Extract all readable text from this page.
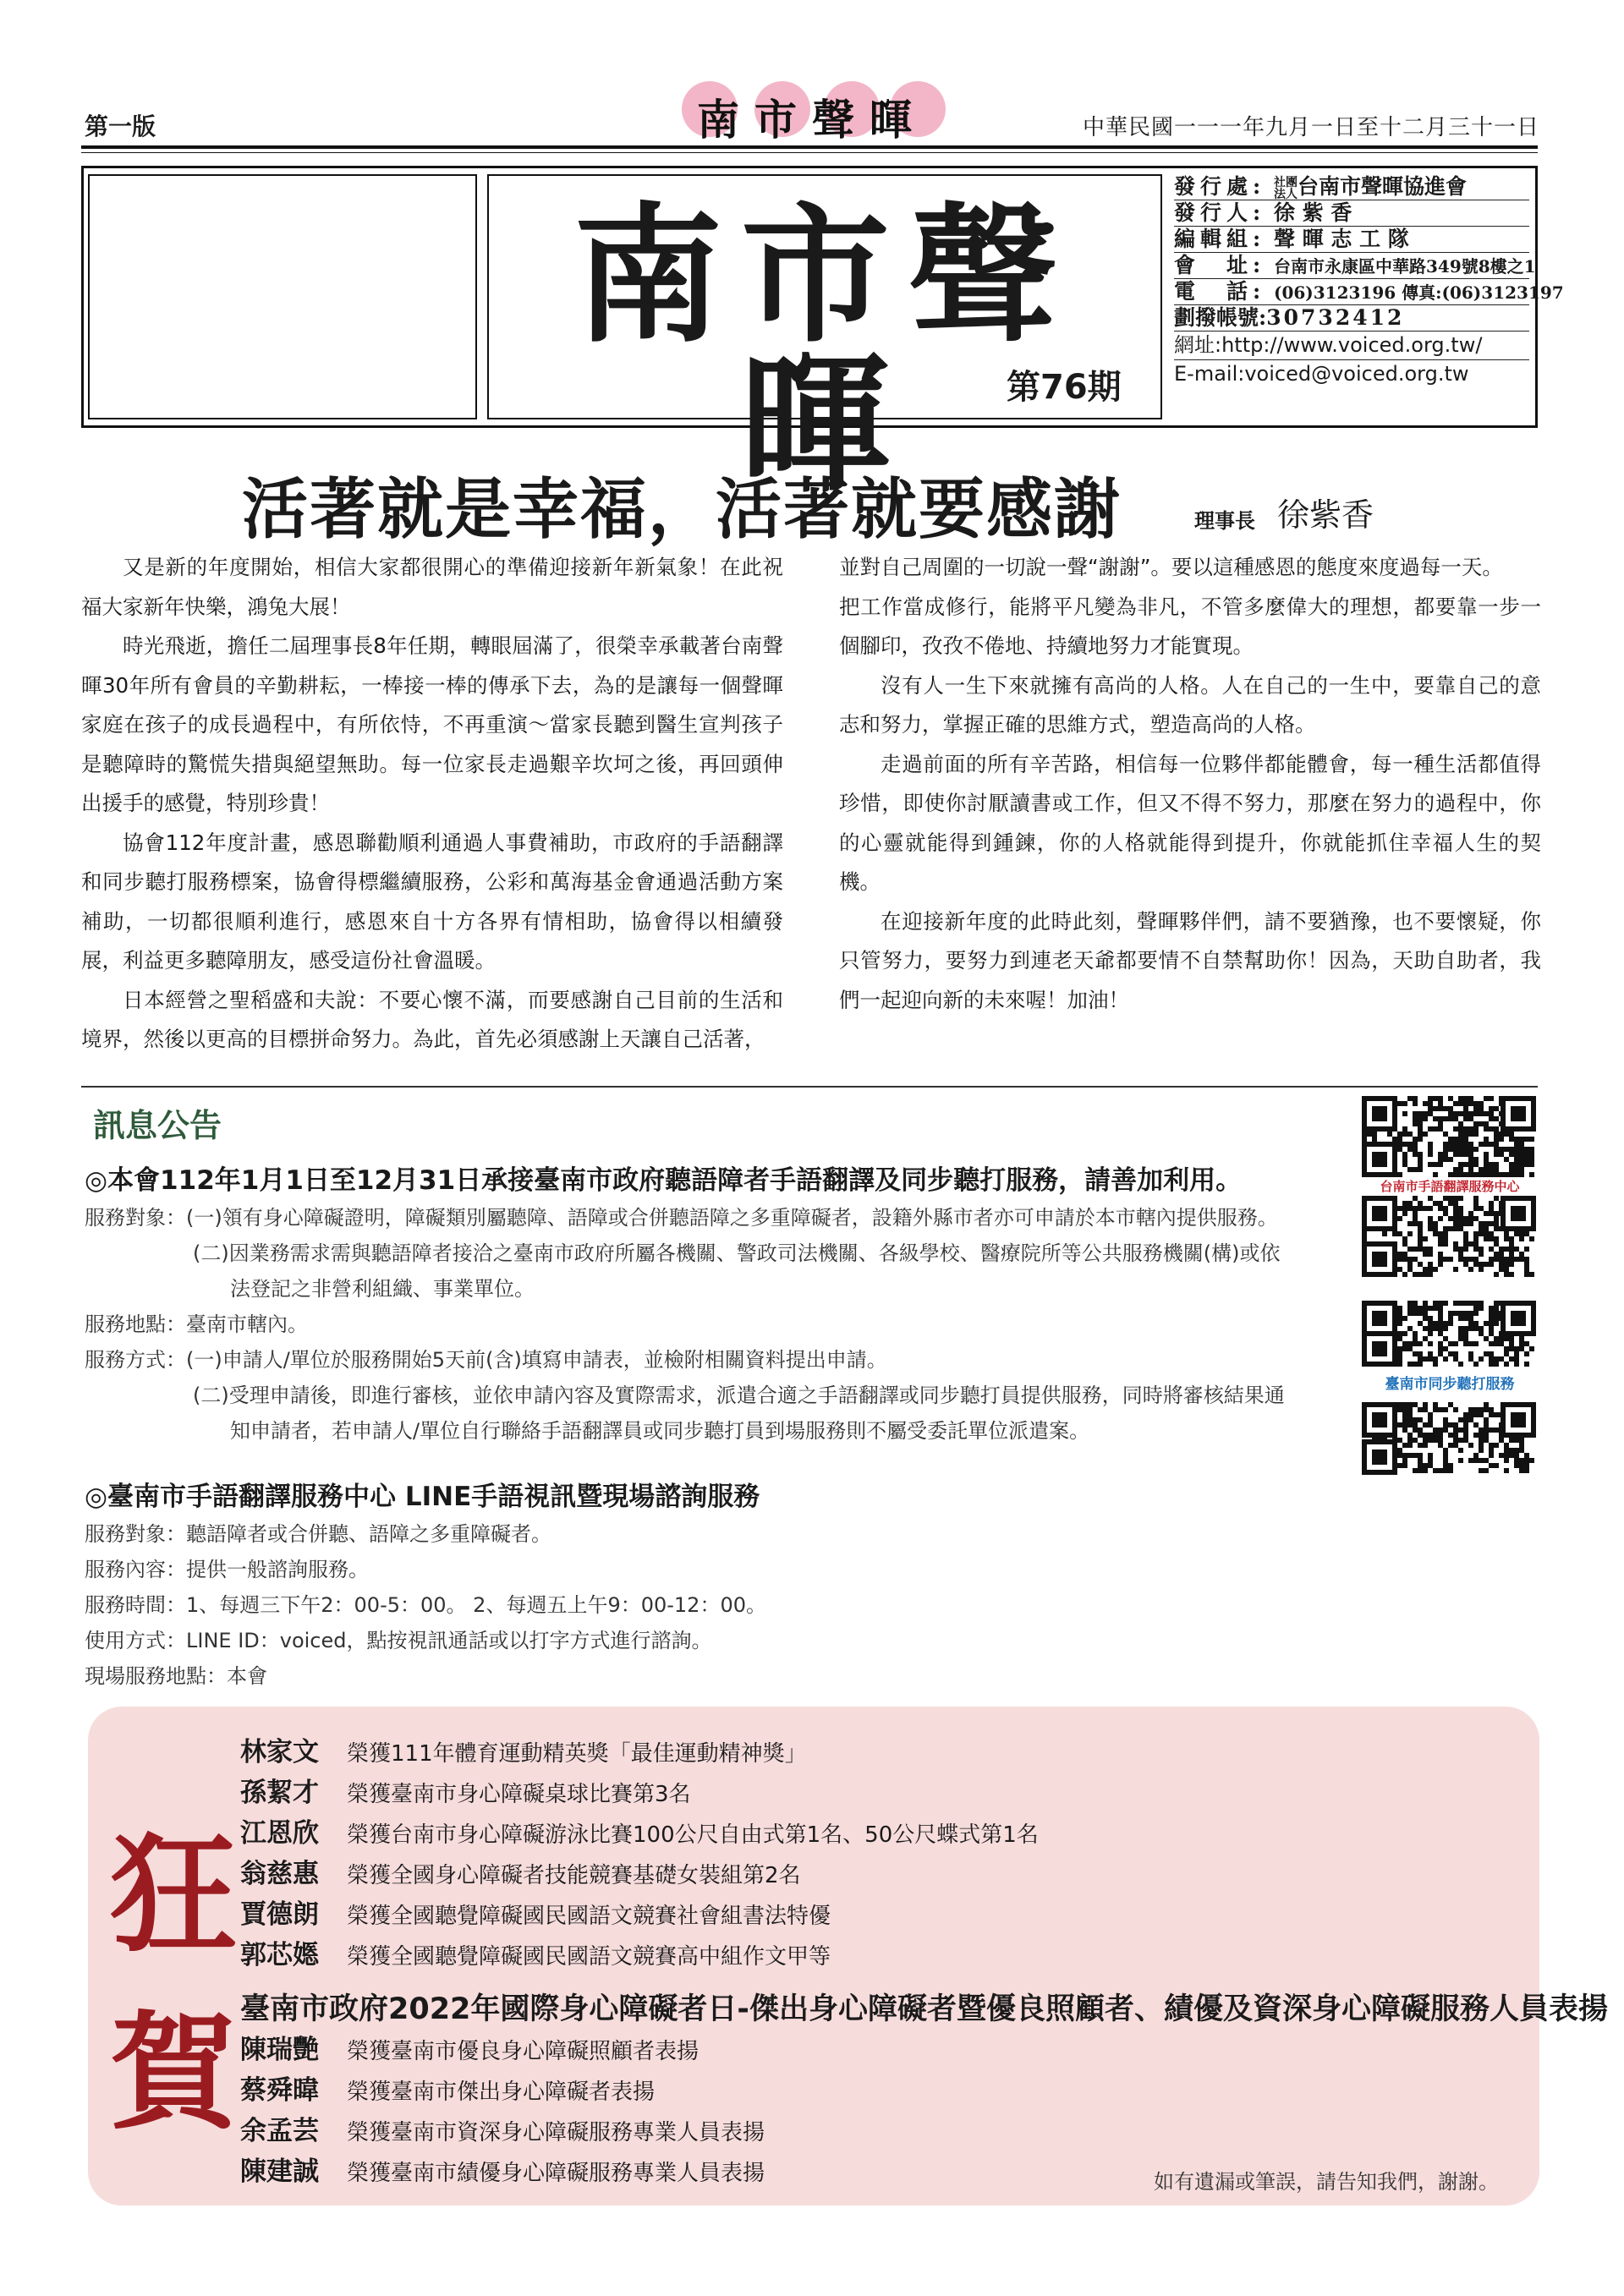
第一版	南市聲暉	中華民國一一一年九月一日至十二月三十一日
南市聲暉	第76期
發行處: 社團法人台南市聲暉協進會
發行人: 徐 紫 香
編輯組: 聲 暉 志 工 隊
會　址: 台南市永康區中華路349號8樓之1
電　話: (06)3123196 傳真:(06)3123197
劃撥帳號:30732412
網址:http://www.voiced.org.tw/
E-mail:voiced@voiced.org.tw
活著就是幸福，活著就要感謝	理事長 徐紫香

又是新的年度開始，相信大家都很開心的準備迎接新年新氣象！在此祝福大家新年快樂，鴻兔大展！

時光飛逝，擔任二屆理事長8年任期，轉眼屆滿了，很榮幸承載著台南聲暉30年所有會員的辛勤耕耘，一棒接一棒的傳承下去，為的是讓每一個聲暉家庭在孩子的成長過程中，有所依恃，不再重演～當家長聽到醫生宣判孩子是聽障時的驚慌失措與絕望無助。每一位家長走過艱辛坎坷之後，再回頭伸出援手的感覺，特別珍貴！

協會112年度計畫，感恩聯勸順利通過人事費補助，市政府的手語翻譯和同步聽打服務標案，協會得標繼續服務，公彩和萬海基金會通過活動方案補助，一切都很順利進行，感恩來自十方各界有情相助，協會得以相續發展，利益更多聽障朋友，感受這份社會溫暖。

日本經營之聖稻盛和夫說：不要心懷不滿，而要感謝自己目前的生活和境界，然後以更高的目標拼命努力。為此，首先必須感謝上天讓自己活著，

並對自己周圍的一切說一聲“謝謝”。要以這種感恩的態度來度過每一天。

把工作當成修行，能將平凡變為非凡，不管多麼偉大的理想，都要靠一步一個腳印，孜孜不倦地、持續地努力才能實現。

沒有人一生下來就擁有高尚的人格。人在自己的一生中，要靠自己的意志和努力，掌握正確的思維方式，塑造高尚的人格。

走過前面的所有辛苦路，相信每一位夥伴都能體會，每一種生活都值得珍惜，即使你討厭讀書或工作，但又不得不努力，那麼在努力的過程中，你的心靈就能得到鍾鍊，你的人格就能得到提升，你就能抓住幸福人生的契機。

在迎接新年度的此時此刻，聲暉夥伴們，請不要猶豫，也不要懷疑，你只管努力，要努力到連老天爺都要情不自禁幫助你！因為，天助自助者，我們一起迎向新的未來喔！加油！

訊息公告
◎本會112年1月1日至12月31日承接臺南市政府聽語障者手語翻譯及同步聽打服務，請善加利用。
服務對象：(一)領有身心障礙證明，障礙類別屬聽障、語障或合併聽語障之多重障礙者，設籍外縣市者亦可申請於本市轄內提供服務。
(二)因業務需求需與聽語障者接洽之臺南市政府所屬各機關、警政司法機關、各級學校、醫療院所等公共服務機關(構)或依
法登記之非營利組織、事業單位。
服務地點：臺南市轄內。
服務方式：(一)申請人/單位於服務開始5天前(含)填寫申請表，並檢附相關資料提出申請。
(二)受理申請後，即進行審核，並依申請內容及實際需求，派遣合適之手語翻譯或同步聽打員提供服務，同時將審核結果通
知申請者，若申請人/單位自行聯絡手語翻譯員或同步聽打員到場服務則不屬受委託單位派遣案。
◎臺南市手語翻譯服務中心 LINE手語視訊暨現場諮詢服務
服務對象：聽語障者或合併聽、語障之多重障礙者。
服務內容：提供一般諮詢服務。
服務時間：1、每週三下午2：00-5：00。 2、每週五上午9：00-12：00。
使用方式：LINE ID：voiced，點按視訊通話或以打字方式進行諮詢。
現場服務地點：本會
台南市手語翻譯服務中心
臺南市同步聽打服務
狂
賀
林家文 榮獲111年體育運動精英獎「最佳運動精神獎」
孫絜才 榮獲臺南市身心障礙桌球比賽第3名
江恩欣 榮獲台南市身心障礙游泳比賽100公尺自由式第1名、50公尺蝶式第1名
翁慈惠 榮獲全國身心障礙者技能競賽基礎女裝組第2名
賈德朗 榮獲全國聽覺障礙國民國語文競賽社會組書法特優
郭芯嫕 榮獲全國聽覺障礙國民國語文競賽高中組作文甲等
臺南市政府2022年國際身心障礙者日-傑出身心障礙者暨優良照顧者、績優及資深身心障礙服務人員表揚
陳瑞艷 榮獲臺南市優良身心障礙照顧者表揚
蔡舜暐 榮獲臺南市傑出身心障礙者表揚
余孟芸 榮獲臺南市資深身心障礙服務專業人員表揚
陳建誠 榮獲臺南市績優身心障礙服務專業人員表揚	如有遺漏或筆誤，請告知我們，謝謝。
